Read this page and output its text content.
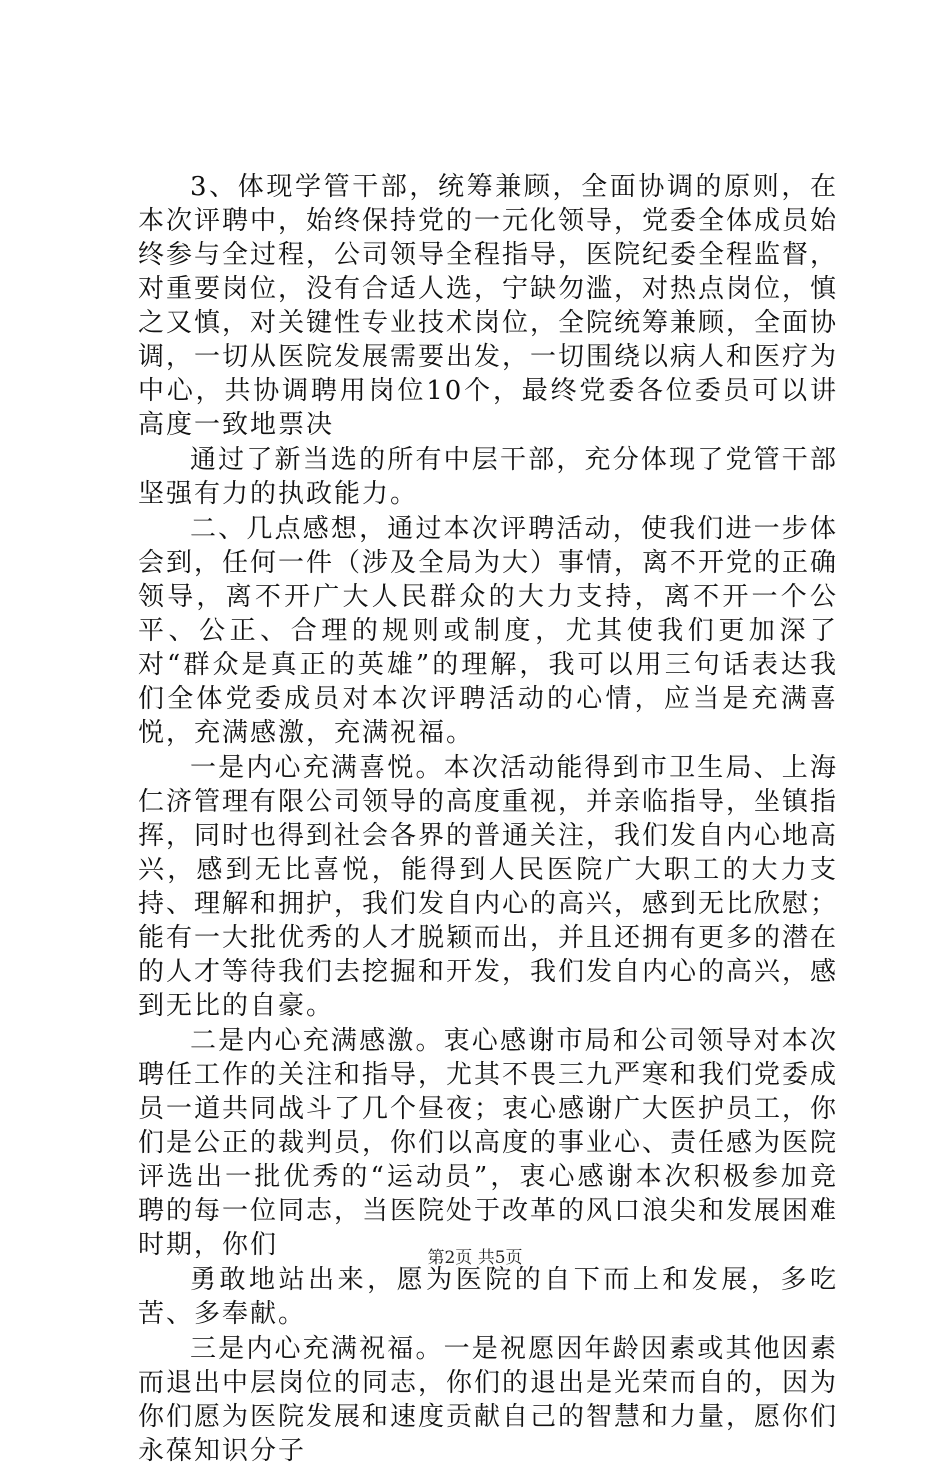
3、体现学管干部，统筹兼顾，全面协调的原则，在本次评聘中，始终保持党的一元化领导，党委全体成员始终参与全过程，公司领导全程指导，医院纪委全程监督，对重要岗位，没有合适人选，宁缺勿滥，对热点岗位，慎之又慎，对关键性专业技术岗位，全院统筹兼顾，全面协调，一切从医院发展需要出发，一切围绕以病人和医疗为中心，共协调聘用岗位10个，最终党委各位委员可以讲高度一致地票决

通过了新当选的所有中层干部，充分体现了党管干部坚强有力的执政能力。

二、几点感想，通过本次评聘活动，使我们进一步体会到，任何一件（涉及全局为大）事情，离不开党的正确领导，离不开广大人民群众的大力支持，离不开一个公平、公正、合理的规则或制度，尤其使我们更加深了对“群众是真正的英雄”的理解，我可以用三句话表达我们全体党委成员对本次评聘活动的心情，应当是充满喜悦，充满感激，充满祝福。

一是内心充满喜悦。本次活动能得到市卫生局、上海仁济管理有限公司领导的高度重视，并亲临指导，坐镇指挥，同时也得到社会各界的普通关注，我们发自内心地高兴，感到无比喜悦，能得到人民医院广大职工的大力支持、理解和拥护，我们发自内心的高兴，感到无比欣慰；能有一大批优秀的人才脱颖而出，并且还拥有更多的潜在的人才等待我们去挖掘和开发，我们发自内心的高兴，感到无比的自豪。

二是内心充满感激。衷心感谢市局和公司领导对本次聘任工作的关注和指导，尤其不畏三九严寒和我们党委成员一道共同战斗了几个昼夜；衷心感谢广大医护员工，你们是公正的裁判员，你们以高度的事业心、责任感为医院评选出一批优秀的“运动员”，衷心感谢本次积极参加竞聘的每一位同志，当医院处于改革的风口浪尖和发展困难时期，你们

勇敢地站出来，愿为医院的自下而上和发展，多吃苦、多奉献。

三是内心充满祝福。一是祝愿因年龄因素或其他因素而退出中层岗位的同志，你们的退出是光荣而自的，因为你们愿为医院发展和速度贡献自己的智慧和力量，愿你们永葆知识分子

第2页 共5页
